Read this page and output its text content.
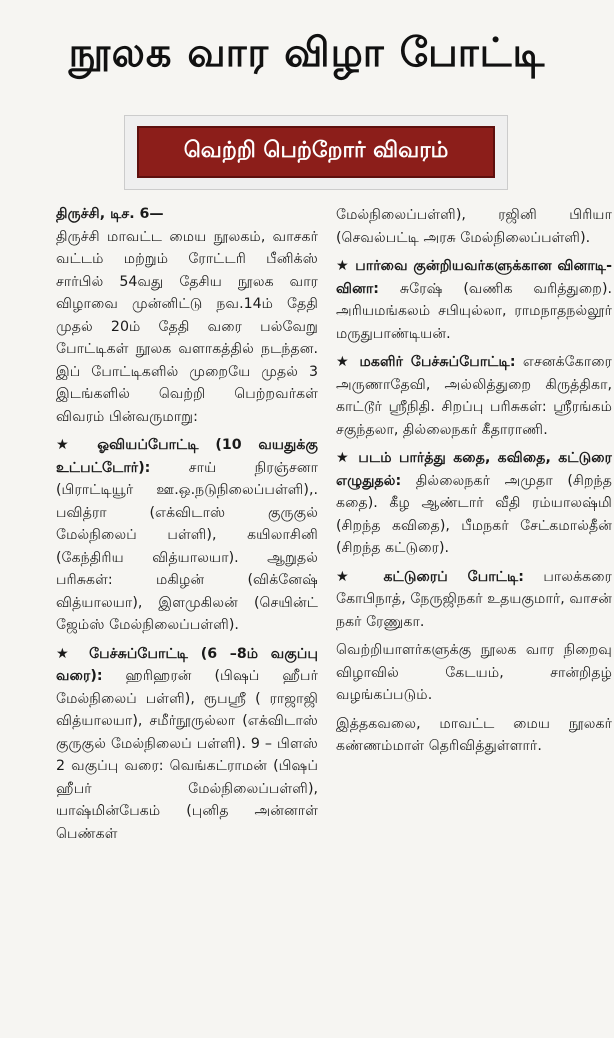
நூலக வார விழா போட்டி
வெற்றி பெற்றோர் விவரம்

திருச்சி, டிச. 6—
திருச்சி மாவட்ட மைய நூலகம், வாசகர் வட்டம் மற்றும் ரோட்டரி பீனிக்ஸ் சார்பில் 54வது தேசிய நூலக வார விழாவை முன்னிட்டு நவ.14ம் தேதி முதல் 20ம் தேதி வரை பல்வேறு போட்டிகள் நூலக வளாகத்தில் நடந்தன. இப் போட்டிகளில் முறையே முதல் 3 இடங்களில் வெற்றி பெற்றவர்கள் விவரம் பின்வருமாறு:

★ ஓவியப்போட்டி (10 வயதுக்கு உட்பட்டோர்):	சாய் நிரஞ்சனா (பிராட்டியூர் ஊ.ஒ.நடுநிலைப்பள்ளி),. பவித்ரா (எக்விடாஸ் குருகுல் மேல்நிலைப் பள்ளி), கயிலாசினி (கேந்திரிய வித்யாலயா). ஆறுதல் பரிசுகள்: மகிழன் (விக்னேஷ் வித்யாலயா), இளமுகிலன் (செயின்ட் ஜேம்ஸ் மேல்நிலைப்பள்ளி).

★ பேச்சுப்போட்டி (6 –8ம் வகுப்பு வரை): ஹரிஹரன் (பிஷப் ஹீபர் மேல்நிலைப் பள்ளி), ரூபஸ்ரீ ( ராஜாஜி வித்யாலயா), சமீர்நூருல்லா (எக்விடாஸ் குருகுல் மேல்நிலைப் பள்ளி). 9 – பிளஸ் 2 வகுப்பு வரை: வெங்கட்ராமன் (பிஷப் ஹீபர் மேல்நிலைப்பள்ளி), யாஷ்மின்பேகம் (புனித அன்னாள் பெண்கள்

மேல்நிலைப்பள்ளி), ரஜினி பிரியா (செவல்பட்டி அரசு மேல்நிலைப்பள்ளி).

★ பார்வை குன்றியவர்களுக்கான வினாடி-வினா: சுரேஷ் (வணிக வரித்துறை). அரியமங்கலம் சபியுல்லா, ராமநாதநல்லூர் மருதுபாண்டியன்.

★ மகளிர் பேச்சுப்போட்டி: எசனக்கோரை அருணாதேவி, அல்லித்துறை கிருத்திகா, காட்டூர் ஸ்ரீநிதி. சிறப்பு பரிசுகள்: ஸ்ரீரங்கம் சகுந்தலா, தில்லைநகர் கீதாராணி.

★ படம் பார்த்து கதை, கவிதை, கட்டுரை எழுதுதல்: தில்லைநகர் அமுதா (சிறந்த கதை). கீழ ஆண்டார் வீதி ரம்யாலஷ்மி (சிறந்த கவிதை), பீமநகர் சேட்கமால்தீன் (சிறந்த கட்டுரை).

★ கட்டுரைப் போட்டி: பாலக்கரை கோபிநாத், நேருஜிநகர் உதயகுமார், வாசன் நகர் ரேணுகா.

வெற்றியாளர்களுக்கு நூலக வார நிறைவு விழாவில் கேடயம், சான்றிதழ் வழங்கப்படும்.

இத்தகவலை, மாவட்ட மைய நூலகர் கண்ணம்மாள் தெரிவித்துள்ளார்.
